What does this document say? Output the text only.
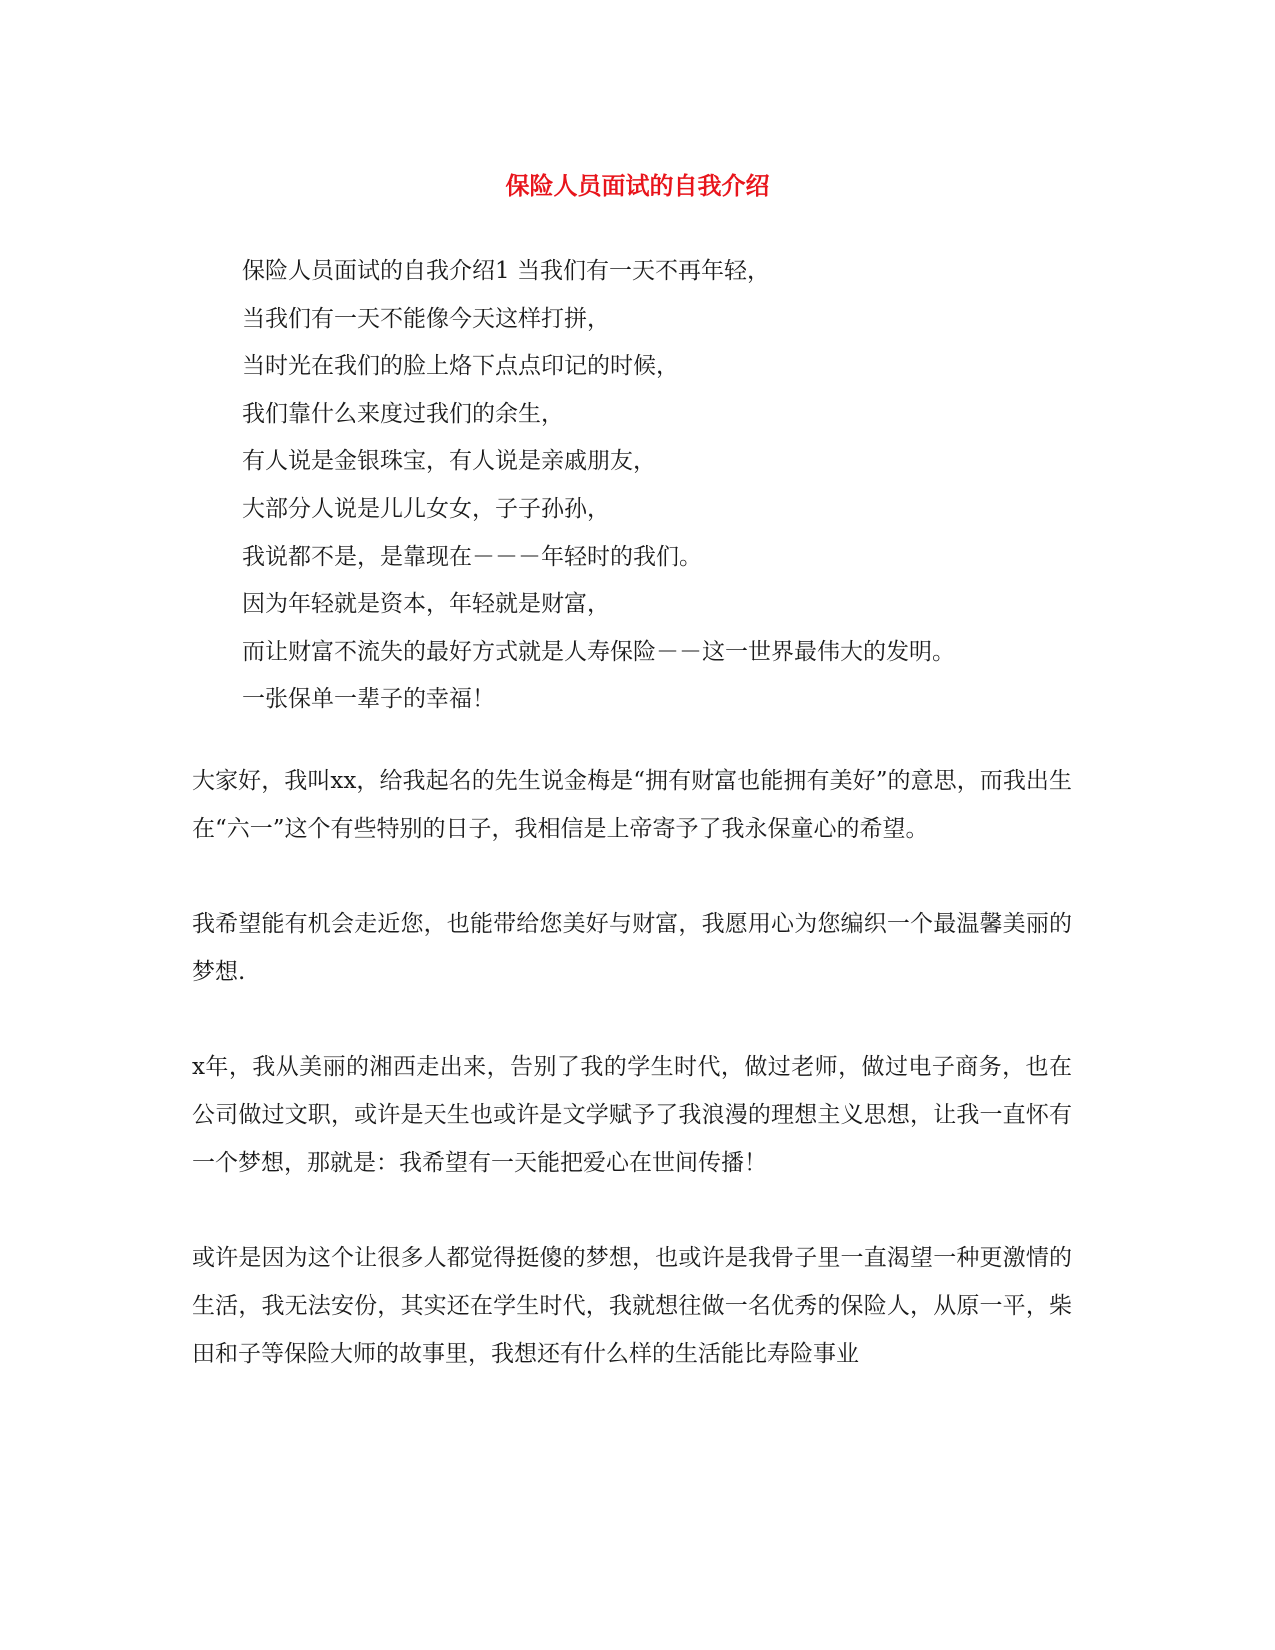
保险人员面试的自我介绍
保险人员面试的自我介绍1 当我们有一天不再年轻，
当我们有一天不能像今天这样打拼，
当时光在我们的脸上烙下点点印记的时候，
我们靠什么来度过我们的余生，
有人说是金银珠宝，有人说是亲戚朋友，
大部分人说是儿儿女女，子子孙孙，
我说都不是，是靠现在－－－年轻时的我们。
因为年轻就是资本，年轻就是财富，
而让财富不流失的最好方式就是人寿保险－－这一世界最伟大的发明。
一张保单一辈子的幸福！

大家好，我叫xx，给我起名的先生说金梅是“拥有财富也能拥有美好”的意思，而我出生在“六一”这个有些特别的日子，我相信是上帝寄予了我永保童心的希望。

我希望能有机会走近您，也能带给您美好与财富，我愿用心为您编织一个最温馨美丽的梦想.

x年，我从美丽的湘西走出来，告别了我的学生时代，做过老师，做过电子商务，也在公司做过文职，或许是天生也或许是文学赋予了我浪漫的理想主义思想，让我一直怀有一个梦想，那就是：我希望有一天能把爱心在世间传播！

或许是因为这个让很多人都觉得挺傻的梦想，也或许是我骨子里一直渴望一种更激情的生活，我无法安份，其实还在学生时代，我就想往做一名优秀的保险人，从原一平，柴田和子等保险大师的故事里，我想还有什么样的生活能比寿险事业
